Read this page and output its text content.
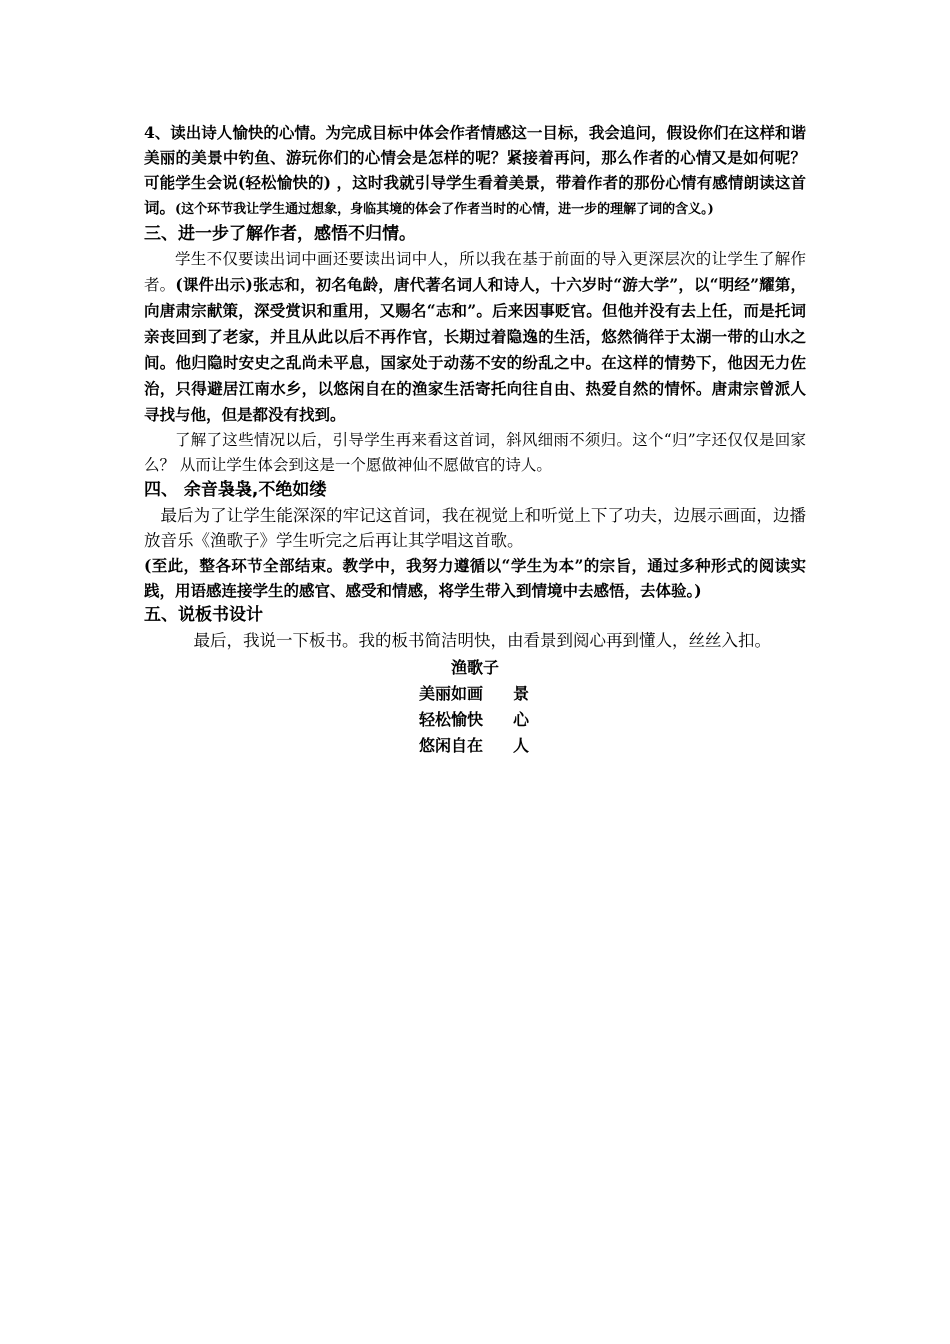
4、读出诗人愉快的心情。为完成目标中体会作者情感这一目标，我会追问，假设你们在这样和谐美丽的美景中钓鱼、游玩你们的心情会是怎样的呢？紧接着再问，那么作者的心情又是如何呢？可能学生会说(轻松愉快的) ，这时我就引导学生看着美景，带着作者的那份心情有感情朗读这首词。(这个环节我让学生通过想象，身临其境的体会了作者当时的心情，进一步的理解了词的含义。)

三、进一步了解作者，感悟不归情。

学生不仅要读出词中画还要读出词中人，所以我在基于前面的导入更深层次的让学生了解作者。(课件出示)张志和，初名龟龄，唐代著名词人和诗人，十六岁时“游大学”，以“明经”耀第，向唐肃宗献策，深受赏识和重用，又赐名“志和”。后来因事贬官。但他并没有去上任，而是托词亲丧回到了老家，并且从此以后不再作官，长期过着隐逸的生活，悠然徜徉于太湖一带的山水之间。他归隐时安史之乱尚未平息，国家处于动荡不安的纷乱之中。在这样的情势下，他因无力佐治，只得避居江南水乡，以悠闲自在的渔家生活寄托向往自由、热爱自然的情怀。唐肃宗曾派人寻找与他，但是都没有找到。

了解了这些情况以后，引导学生再来看这首词，斜风细雨不须归。这个“归”字还仅仅是回家么？ 从而让学生体会到这是一个愿做神仙不愿做官的诗人。

四、 余音袅袅,不绝如缕

最后为了让学生能深深的牢记这首词，我在视觉上和听觉上下了功夫，边展示画面，边播放音乐《渔歌子》学生听完之后再让其学唱这首歌。

(至此，整各环节全部结束。教学中，我努力遵循以“学生为本”的宗旨，通过多种形式的阅读实践，用语感连接学生的感官、感受和情感，将学生带入到情境中去感悟，去体验。)

五、说板书设计

最后，我说一下板书。我的板书简洁明快，由看景到阅心再到懂人，丝丝入扣。

渔歌子
美丽如画 景
轻松愉快 心
悠闲自在 人
